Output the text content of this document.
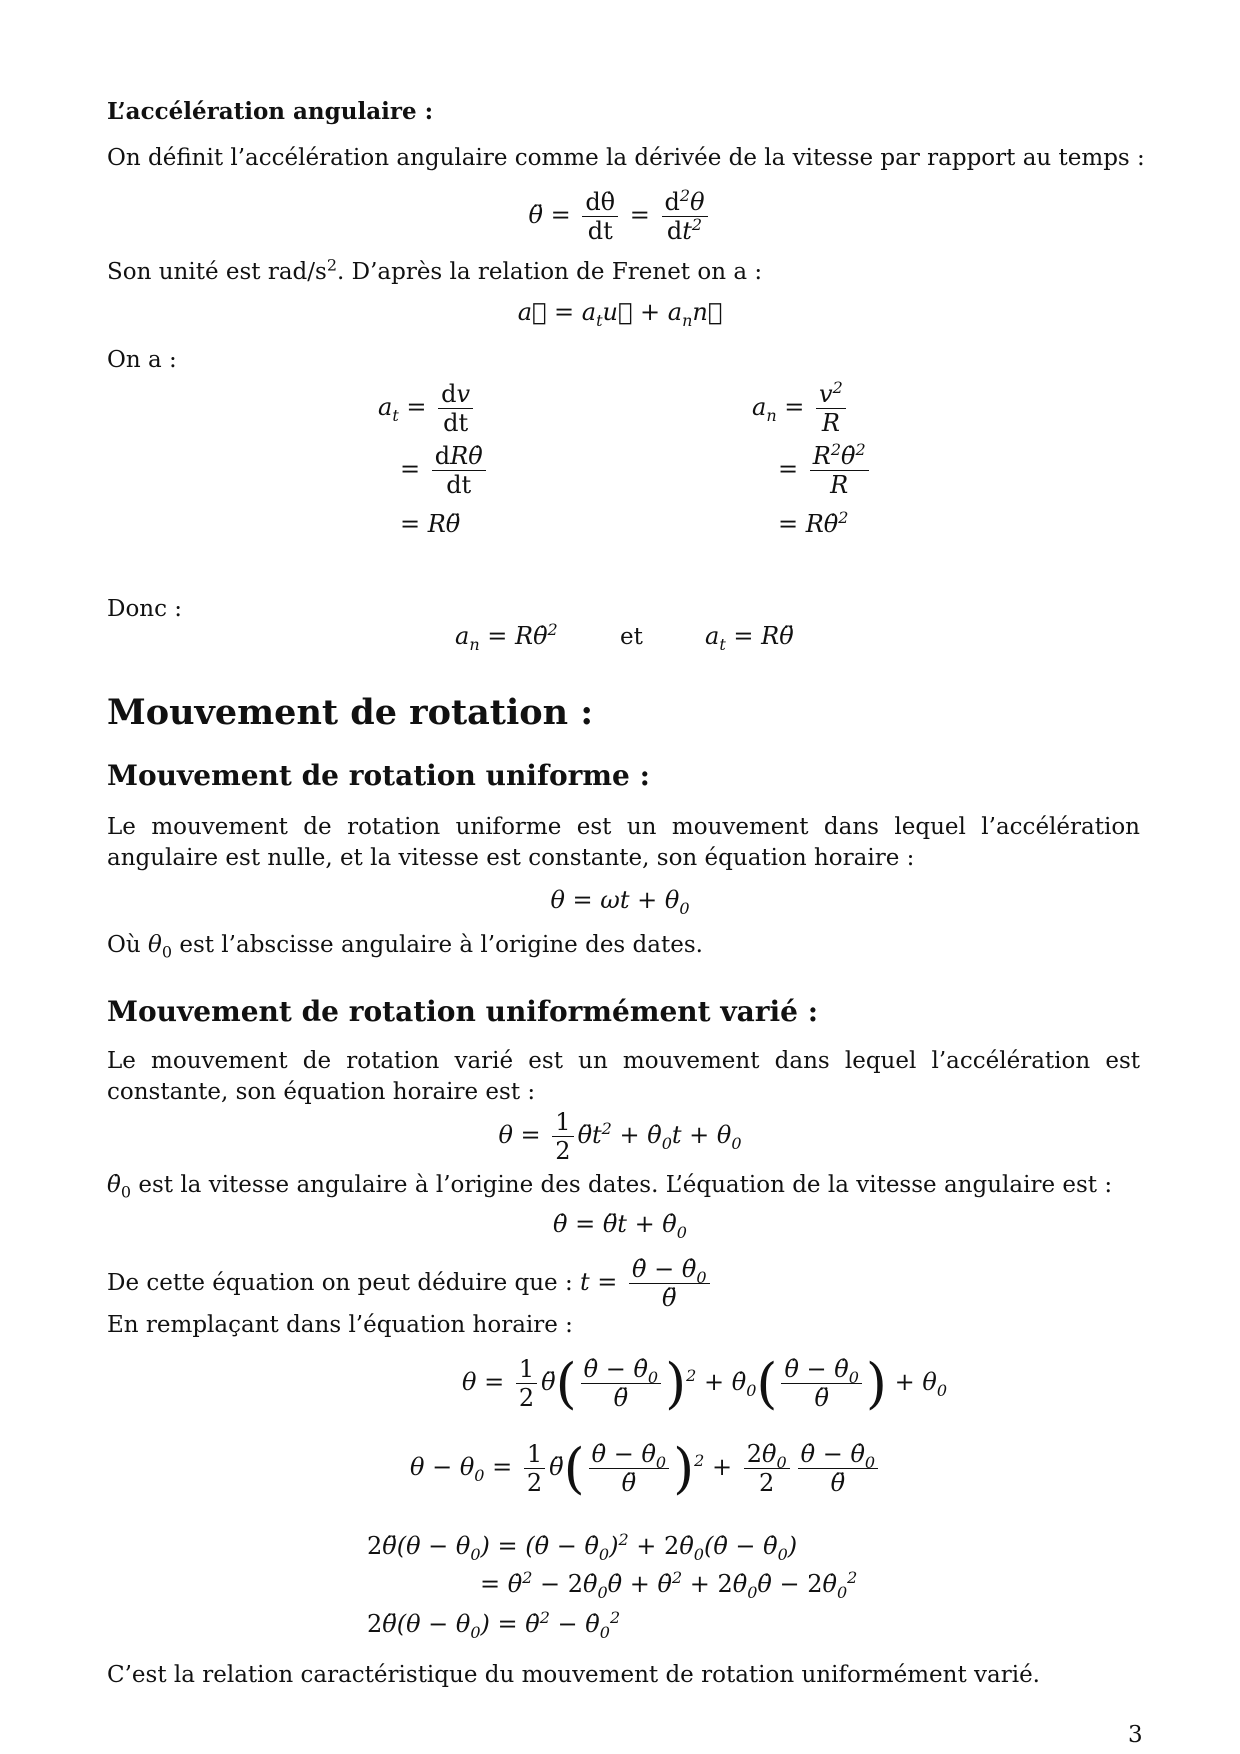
L’accélération angulaire :
On définit l’accélération angulaire comme la dérivée de la vitesse par rapport au temps :
θ̈ = $\frac{d\thetȧ}{dt} = \frac{d^2\theta}{dt^2}$
Son unité est rad/$s^2$. D’après la relation de Frenet on a :
a⃗ = $a_tu⃗$ + $a_nn⃗$
On a :
$a_t = \frac{dv}{dt}$
= $\frac{\text{dRθ̇}}{dt}$
= Rθ̈
$a_n = \frac{v^2}{R}$
= $\frac{R^2\thetȧ^2}{R}$
= Rθ̇$^2$
Donc :
$a_n$ = Rθ̇$^2$	et	$a_t$ = Rθ̈
Mouvement de rotation :
Mouvement de rotation uniforme :
Le mouvement de rotation uniforme est un mouvement dans lequel l’accélération angulaire est nulle, et la vitesse est constante, son équation horaire :
$\theta = \omega t + \theta_0$
Où $\theta_0$ est l’abscisse angulaire à l’origine des dates.
Mouvement de rotation uniformément varié :
Le mouvement de rotation varié est un mouvement dans lequel l’accélération est constante, son équation horaire est :
$\theta = \frac{1}{2}$ $\thetät^2$ + $\thetȧ_0t + \theta_0$
$\thetȧ_0$ est la vitesse angulaire à l’origine des dates. L’équation de la vitesse angulaire est :
θ̇ = θ̈t + $\thetȧ_0$
De cette équation on peut déduire que : $t = \frac{\thetȧ - \thetȧ_0}{\thetä}$
En remplaçant dans l’équation horaire :
$\theta = \frac{1}{2}$ θ̈( $\frac{\thetȧ - \thetȧ_0}{\thetä} )^2$ + $\thetȧ_0( \frac{\thetȧ - \thetȧ_0}{\thetä}$ ) + $\theta_0$
$\theta - \theta_0 = \frac{1}{2}$ θ̈( $\frac{\thetȧ - \thetȧ_0}{\thetä} )^2 + \frac{2\thetȧ_0}{2} \frac{\thetȧ - \thetȧ_0}{\thetä}$
2θ̈(θ − $\theta_0$) = (θ̇ − $\thetȧ_0)^2$ + $2\thetȧ_0(\thetȧ$ − $\thetȧ_0$)
= θ̇$^2$ − $2\thetȧ_0\thetȧ$ + θ̇$^2$ + $2\thetȧ_0\thetȧ$ − $2\thetȧ_0^2$
2θ̈(θ − $\theta_0$) = θ̇$^2$ − $\thetȧ_0^2$
C’est la relation caractéristique du mouvement de rotation uniformément varié.
3
